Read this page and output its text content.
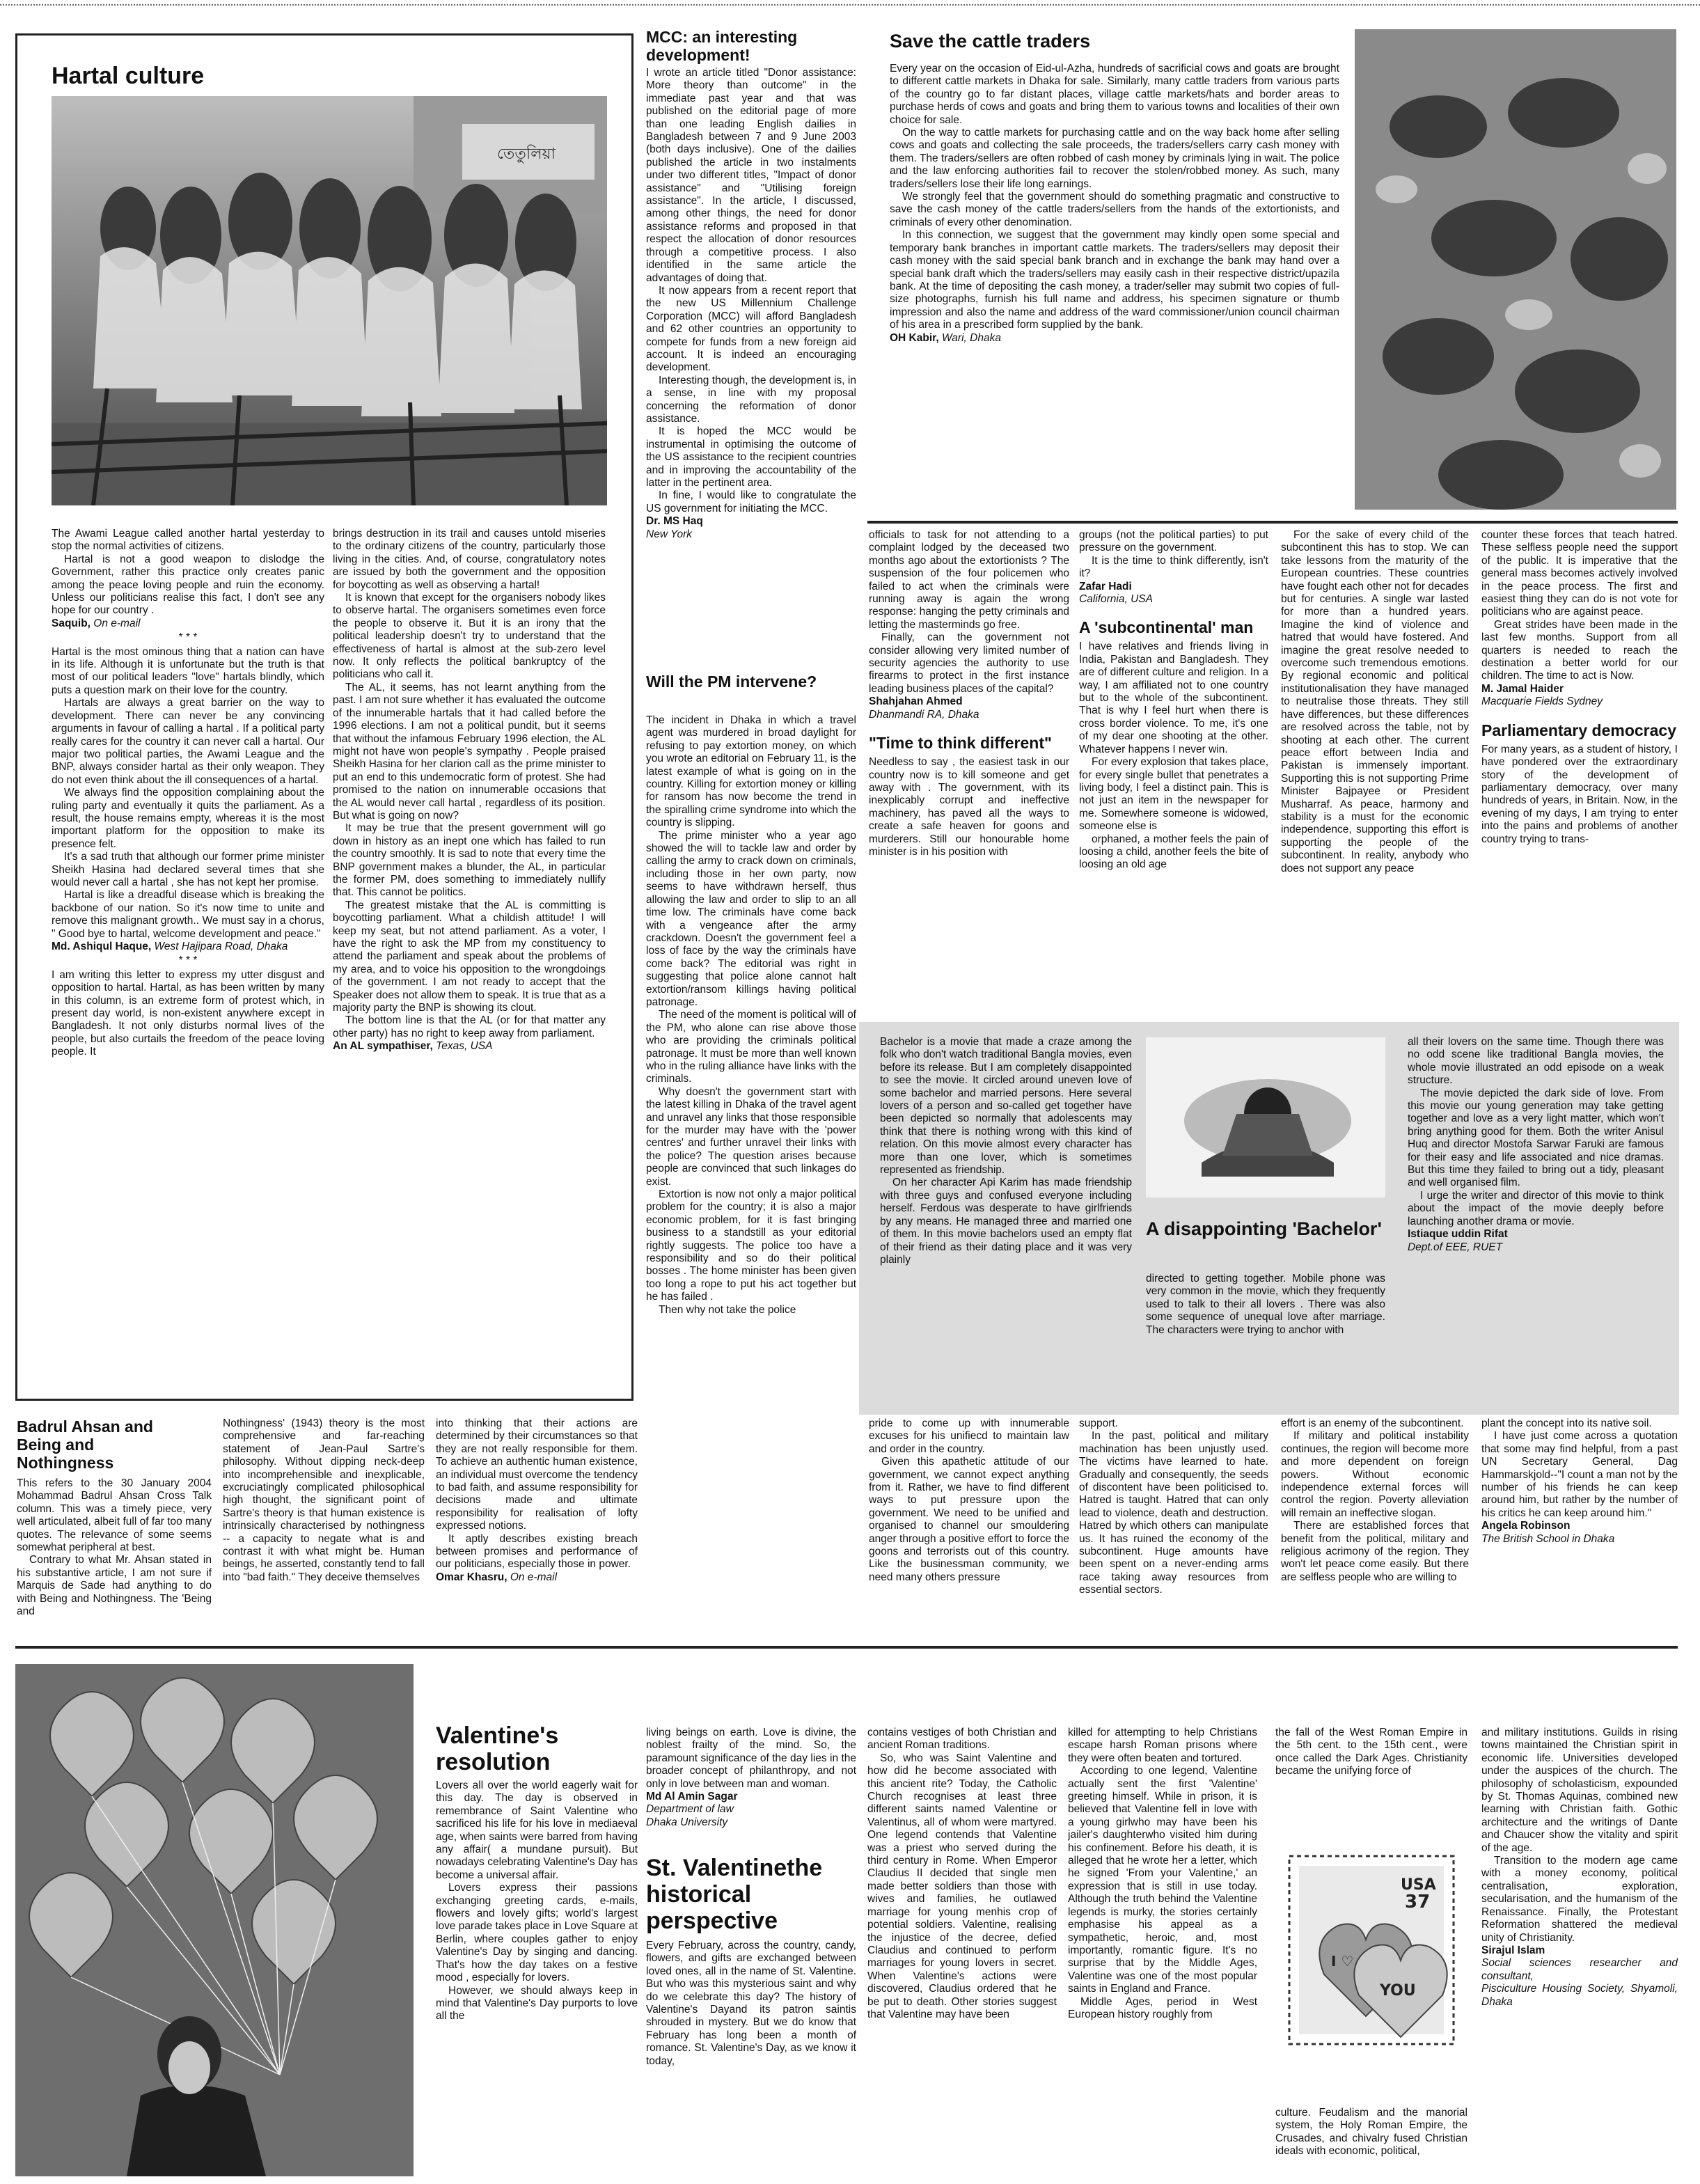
Hartal culture
তেতুলিয়া

The Awami League called another hartal yesterday to stop the normal activities of citizens.

Hartal is not a good weapon to dislodge the Government, rather this practice only creates panic among the peace loving people and ruin the economy. Unless our politicians realise this fact, I don't see any hope for our country .

Saquib, On e-mail

* * *

Hartal is the most ominous thing that a nation can have in its life. Although it is unfortunate but the truth is that most of our political leaders "love" hartals blindly, which puts a question mark on their love for the country.

Hartals are always a great barrier on the way to development. There can never be any convincing arguments in favour of calling a hartal . If a political party really cares for the country it can never call a hartal. Our major two political parties, the Awami League and the BNP, always consider hartal as their only weapon. They do not even think about the ill consequences of a hartal.

We always find the opposition complaining about the ruling party and eventually it quits the parliament. As a result, the house remains empty, whereas it is the most important platform for the opposition to make its presence felt.

It's a sad truth that although our former prime minister Sheikh Hasina had declared several times that she would never call a hartal , she has not kept her promise.

Hartal is like a dreadful disease which is breaking the backbone of our nation. So it's now time to unite and remove this malignant growth.. We must say in a chorus, " Good bye to hartal, welcome development and peace."

Md. Ashiqul Haque, West Hajipara Road, Dhaka

* * *

I am writing this letter to express my utter disgust and opposition to hartal. Hartal, as has been written by many in this column, is an extreme form of protest which, in present day world, is non-existent anywhere except in Bangladesh. It not only disturbs normal lives of the people, but also curtails the freedom of the peace loving people. It

brings destruction in its trail and causes untold miseries to the ordinary citizens of the country, particularly those living in the cities. And, of course, congratulatory notes are issued by both the government and the opposition for boycotting as well as observing a hartal!

It is known that except for the organisers nobody likes to observe hartal. The organisers sometimes even force the people to observe it. But it is an irony that the political leadership doesn't try to understand that the effectiveness of hartal is almost at the sub-zero level now. It only reflects the political bankruptcy of the politicians who call it.

The AL, it seems, has not learnt anything from the past. I am not sure whether it has evaluated the outcome of the innumerable hartals that it had called before the 1996 elections. I am not a political pundit, but it seems that without the infamous February 1996 election, the AL might not have won people's sympathy . People praised Sheikh Hasina for her clarion call as the prime minister to put an end to this undemocratic form of protest. She had promised to the nation on innumerable occasions that the AL would never call hartal , regardless of its position. But what is going on now?

It may be true that the present government will go down in history as an inept one which has failed to run the country smoothly. It is sad to note that every time the BNP government makes a blunder, the AL, in particular the former PM, does something to immediately nullify that. This cannot be politics.

The greatest mistake that the AL is committing is boycotting parliament. What a childish attitude! I will keep my seat, but not attend parliament. As a voter, I have the right to ask the MP from my constituency to attend the parliament and speak about the problems of my area, and to voice his opposition to the wrongdoings of the government. I am not ready to accept that the Speaker does not allow them to speak. It is true that as a majority party the BNP is showing its clout.

The bottom line is that the AL (or for that matter any other party) has no right to keep away from parliament.

An AL sympathiser, Texas, USA

MCC: an interesting development!

I wrote an article titled "Donor assistance: More theory than outcome" in the immediate past year and that was published on the editorial page of more than one leading English dailies in Bangladesh between 7 and 9 June 2003 (both days inclusive). One of the dailies published the article in two instalments under two different titles, "Impact of donor assistance" and "Utilising foreign assistance". In the article, I discussed, among other things, the need for donor assistance reforms and proposed in that respect the allocation of donor resources through a competitive process. I also identified in the same article the advantages of doing that.

It now appears from a recent report that the new US Millennium Challenge Corporation (MCC) will afford Bangladesh and 62 other countries an opportunity to compete for funds from a new foreign aid account. It is indeed an encouraging development.

Interesting though, the development is, in a sense, in line with my proposal concerning the reformation of donor assistance.

It is hoped the MCC would be instrumental in optimising the outcome of the US assistance to the recipient countries and in improving the accountability of the latter in the pertinent area.

In fine, I would like to congratulate the US government for initiating the MCC.

Dr. MS Haq

New York

Will the PM intervene?

The incident in Dhaka in which a travel agent was murdered in broad daylight for refusing to pay extortion money, on which you wrote an editorial on February 11, is the latest example of what is going on in the country. Killing for extortion money or killing for ransom has now become the trend in the spiralling crime syndrome into which the country is slipping.

The prime minister who a year ago showed the will to tackle law and order by calling the army to crack down on criminals, including those in her own party, now seems to have withdrawn herself, thus allowing the law and order to slip to an all time low. The criminals have come back with a vengeance after the army crackdown. Doesn't the government feel a loss of face by the way the criminals have come back? The editorial was right in suggesting that police alone cannot halt extortion/ransom killings having political patronage.

The need of the moment is political will of the PM, who alone can rise above those who are providing the criminals political patronage. It must be more than well known who in the ruling alliance have links with the criminals.

Why doesn't the government start with the latest killing in Dhaka of the travel agent and unravel any links that those responsible for the murder may have with the 'power centres' and further unravel their links with the police? The question arises because people are convinced that such linkages do exist.

Extortion is now not only a major political problem for the country; it is also a major economic problem, for it is fast bringing business to a standstill as your editorial rightly suggests. The police too have a responsibility and so do their political bosses . The home minister has been given too long a rope to put his act together but he has failed .

Then why not take the police

Save the cattle traders

Every year on the occasion of Eid-ul-Azha, hundreds of sacrificial cows and goats are brought to different cattle markets in Dhaka for sale. Similarly, many cattle traders from various parts of the country go to far distant places, village cattle markets/hats and border areas to purchase herds of cows and goats and bring them to various towns and localities of their own choice for sale.

On the way to cattle markets for purchasing cattle and on the way back home after selling cows and goats and collecting the sale proceeds, the traders/sellers carry cash money with them. The traders/sellers are often robbed of cash money by criminals lying in wait. The police and the law enforcing authorities fail to recover the stolen/robbed money. As such, many traders/sellers lose their life long earnings.

We strongly feel that the government should do something pragmatic and constructive to save the cash money of the cattle traders/sellers from the hands of the extortionists, and criminals of every other denomination.

In this connection, we suggest that the government may kindly open some special and temporary bank branches in important cattle markets. The traders/sellers may deposit their cash money with the said special bank branch and in exchange the bank may hand over a special bank draft which the traders/sellers may easily cash in their respective district/upazila bank. At the time of depositing the cash money, a trader/seller may submit two copies of full-size photographs, furnish his full name and address, his specimen signature or thumb impression and also the name and address of the ward commissioner/union council chairman of his area in a prescribed form supplied by the bank.

OH Kabir, Wari, Dhaka

officials to task for not attending to a complaint lodged by the deceased two months ago about the extortionists ? The suspension of the four policemen who failed to act when the criminals were running away is again the wrong response: hanging the petty criminals and letting the masterminds go free.

Finally, can the government not consider allowing very limited number of security agencies the authority to use firearms to protect in the first instance leading business places of the capital?

Shahjahan Ahmed

Dhanmandi RA, Dhaka

"Time to think different"

Needless to say , the easiest task in our country now is to kill someone and get away with . The government, with its inexplicably corrupt and ineffective machinery, has paved all the ways to create a safe heaven for goons and murderers. Still our honourable home minister is in his position with

groups (not the political parties) to put pressure on the government.

It is the time to think differently, isn't it?

Zafar Hadi

California, USA

A 'subcontinental' man

I have relatives and friends living in India, Pakistan and Bangladesh. They are of different culture and religion. In a way, I am affiliated not to one country but to the whole of the subcontinent. That is why I feel hurt when there is cross border violence. To me, it's one of my dear one shooting at the other. Whatever happens I never win.

For every explosion that takes place, for every single bullet that penetrates a living body, I feel a distinct pain. This is not just an item in the newspaper for me. Somewhere someone is widowed, someone else is

orphaned, a mother feels the pain of loosing a child, another feels the bite of loosing an old age

For the sake of every child of the subcontinent this has to stop. We can take lessons from the maturity of the European countries. These countries have fought each other not for decades but for centuries. A single war lasted for more than a hundred years. Imagine the kind of violence and hatred that would have fostered. And imagine the great resolve needed to overcome such tremendous emotions. By regional economic and political institutionalisation they have managed to neutralise those threats. They still have differences, but these differences are resolved across the table, not by shooting at each other. The current peace effort between India and Pakistan is immensely important. Supporting this is not supporting Prime Minister Bajpayee or President Musharraf. As peace, harmony and stability is a must for the economic independence, supporting this effort is supporting the people of the subcontinent. In reality, anybody who does not support any peace

counter these forces that teach hatred. These selfless people need the support of the public. It is imperative that the general mass becomes actively involved in the peace process. The first and easiest thing they can do is not vote for politicians who are against peace.

Great strides have been made in the last few months. Support from all quarters is needed to reach the destination a better world for our children. The time to act is Now.

M. Jamal Haider

Macquarie Fields Sydney

Parliamentary democracy

For many years, as a student of history, I have pondered over the extraordinary story of the development of parliamentary democracy, over many hundreds of years, in Britain. Now, in the evening of my days, I am trying to enter into the pains and problems of another country trying to trans-

Bachelor is a movie that made a craze among the folk who don't watch traditional Bangla movies, even before its release. But I am completely disappointed to see the movie. It circled around uneven love of some bachelor and married persons. Here several lovers of a person and so-called get together have been depicted so normally that adolescents may think that there is nothing wrong with this kind of relation. On this movie almost every character has more than one lover, which is sometimes represented as friendship.

On her character Api Karim has made friendship with three guys and confused everyone including herself. Ferdous was desperate to have girlfriends by any means. He managed three and married one of them. In this movie bachelors used an empty flat of their friend as their dating place and it was very plainly

A disappointing 'Bachelor'

directed to getting together. Mobile phone was very common in the movie, which they frequently used to talk to their all lovers . There was also some sequence of unequal love after marriage. The characters were trying to anchor with

all their lovers on the same time. Though there was no odd scene like traditional Bangla movies, the whole movie illustrated an odd episode on a weak structure.

The movie depicted the dark side of love. From this movie our young generation may take getting together and love as a very light matter, which won't bring anything good for them. Both the writer Anisul Huq and director Mostofa Sarwar Faruki are famous for their easy and life associated and nice dramas. But this time they failed to bring out a tidy, pleasant and well organised film.

I urge the writer and director of this movie to think about the impact of the movie deeply before launching another drama or movie.

Istiaque uddin Rifat

Dept.of EEE, RUET

Badrul Ahsan and Being and Nothingness

This refers to the 30 January 2004 Mohammad Badrul Ahsan Cross Talk column. This was a timely piece, very well articulated, albeit full of far too many quotes. The relevance of some seems somewhat peripheral at best.

Contrary to what Mr. Ahsan stated in his substantive article, I am not sure if Marquis de Sade had anything to do with Being and Nothingness. The 'Being and

Nothingness' (1943) theory is the most comprehensive and far-reaching statement of Jean-Paul Sartre's philosophy. Without dipping neck-deep into incomprehensible and inexplicable, excruciatingly complicated philosophical high thought, the significant point of Sartre's theory is that human existence is intrinsically characterised by nothingness -- a capacity to negate what is and contrast it with what might be. Human beings, he asserted, constantly tend to fall into "bad faith." They deceive themselves

into thinking that their actions are determined by their circumstances so that they are not really responsible for them. To achieve an authentic human existence, an individual must overcome the tendency to bad faith, and assume responsibility for decisions made and ultimate responsibility for realisation of lofty expressed notions.

It aptly describes existing breach between promises and performance of our politicians, especially those in power.

Omar Khasru, On e-mail

pride to come up with innumerable excuses for his unifiecd to maintain law and order in the country.

Given this apathetic attitude of our government, we cannot expect anything from it. Rather, we have to find different ways to put pressure upon the government. We need to be unified and organised to channel our smouldering anger through a positive effort to force the goons and terrorists out of this country. Like the businessman community, we need many others pressure

support.

In the past, political and military machination has been unjustly used. The victims have learned to hate. Gradually and consequently, the seeds of discontent have been politicised to. Hatred is taught. Hatred that can only lead to violence, death and destruction. Hatred by which others can manipulate us. It has ruined the economy of the subcontinent. Huge amounts have been spent on a never-ending arms race taking away resources from essential sectors.

effort is an enemy of the subcontinent.

If military and political instability continues, the region will become more and more dependent on foreign powers. Without economic independence external forces will control the region. Poverty alleviation will remain an ineffective slogan.

There are established forces that benefit from the political, military and religious acrimony of the region. They won't let peace come easily. But there are selfless people who are willing to

plant the concept into its native soil.

I have just come across a quotation that some may find helpful, from a past UN Secretary General, Dag Hammarskjold--"I count a man not by the number of his friends he can keep around him, but rather by the number of his critics he can keep around him."

Angela Robinson

The British School in Dhaka

Valentine's resolution

Lovers all over the world eagerly wait for this day. The day is observed in remembrance of Saint Valentine who sacrificed his life for his love in mediaeval age, when saints were barred from having any affair( a mundane pursuit). But nowadays celebrating Valentine's Day has become a universal affair.

Lovers express their passions exchanging greeting cards, e-mails, flowers and lovely gifts; world's largest love parade takes place in Love Square at Berlin, where couples gather to enjoy Valentine's Day by singing and dancing. That's how the day takes on a festive mood , especially for lovers.

However, we should always keep in mind that Valentine's Day purports to love all the

living beings on earth. Love is divine, the noblest frailty of the mind. So, the paramount significance of the day lies in the broader concept of philanthropy, and not only in love between man and woman.

Md Al Amin Sagar

Department of law

Dhaka University

St. Valentinethe historical perspective

Every February, across the country, candy, flowers, and gifts are exchanged between loved ones, all in the name of St. Valentine. But who was this mysterious saint and why do we celebrate this day? The history of Valentine's Dayand its patron saintis shrouded in mystery. But we do know that February has long been a month of romance. St. Valentine's Day, as we know it today,

contains vestiges of both Christian and ancient Roman traditions.

So, who was Saint Valentine and how did he become associated with this ancient rite? Today, the Catholic Church recognises at least three different saints named Valentine or Valentinus, all of whom were martyred. One legend contends that Valentine was a priest who served during the third century in Rome. When Emperor Claudius II decided that single men made better soldiers than those with wives and families, he outlawed marriage for young menhis crop of potential soldiers. Valentine, realising the injustice of the decree, defied Claudius and continued to perform marriages for young lovers in secret. When Valentine's actions were discovered, Claudius ordered that he be put to death. Other stories suggest that Valentine may have been

killed for attempting to help Christians escape harsh Roman prisons where they were often beaten and tortured.

According to one legend, Valentine actually sent the first 'Valentine' greeting himself. While in prison, it is believed that Valentine fell in love with a young girlwho may have been his jailer's daughterwho visited him during his confinement. Before his death, it is alleged that he wrote her a letter, which he signed 'From your Valentine,' an expression that is still in use today. Although the truth behind the Valentine legends is murky, the stories certainly emphasise his appeal as a sympathetic, heroic, and, most importantly, romantic figure. It's no surprise that by the Middle Ages, Valentine was one of the most popular saints in England and France.

Middle Ages, period in West European history roughly from

the fall of the West Roman Empire in the 5th cent. to the 15th cent., were once called the Dark Ages. Christianity became the unifying force of

USA
37
I ♡
YOU

culture. Feudalism and the manorial system, the Holy Roman Empire, the Crusades, and chivalry fused Christian ideals with economic, political,

and military institutions. Guilds in rising towns maintained the Christian spirit in economic life. Universities developed under the auspices of the church. The philosophy of scholasticism, expounded by St. Thomas Aquinas, combined new learning with Christian faith. Gothic architecture and the writings of Dante and Chaucer show the vitality and spirit of the age.

Transition to the modern age came with a money economy, political centralisation, exploration, secularisation, and the humanism of the Renaissance. Finally, the Protestant Reformation shattered the medieval unity of Christianity.

Sirajul Islam

Social sciences researcher and consultant,

Pisciculture Housing Society, Shyamoli, Dhaka
